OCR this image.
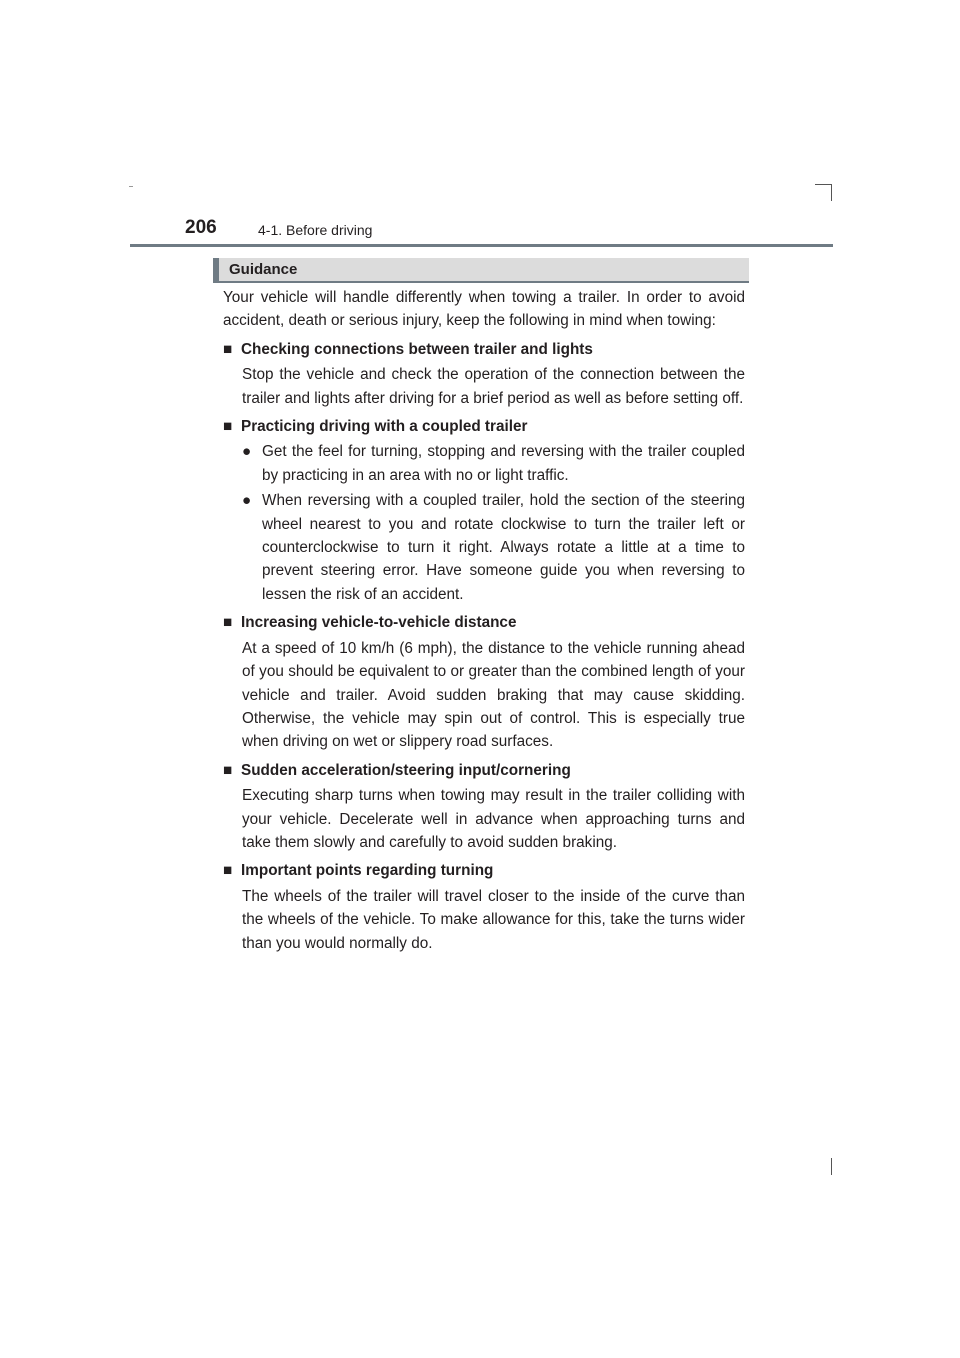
206	4-1. Before driving
Guidance

Your vehicle will handle differently when towing a trailer. In order to avoid accident, death or serious injury, keep the following in mind when towing:

■ Checking connections between trailer and lights
Stop the vehicle and check the operation of the connection between the trailer and lights after driving for a brief period as well as before setting off.
■ Practicing driving with a coupled trailer
● Get the feel for turning, stopping and reversing with the trailer coupled by practicing in an area with no or light traffic.
● When reversing with a coupled trailer, hold the section of the steering wheel nearest to you and rotate clockwise to turn the trailer left or counterclockwise to turn it right. Always rotate a little at a time to prevent steering error. Have someone guide you when reversing to lessen the risk of an accident.
■ Increasing vehicle-to-vehicle distance
At a speed of 10 km/h (6 mph), the distance to the vehicle running ahead of you should be equivalent to or greater than the combined length of your vehicle and trailer. Avoid sudden braking that may cause skidding. Otherwise, the vehicle may spin out of control. This is especially true when driving on wet or slippery road surfaces.
■ Sudden acceleration/steering input/cornering
Executing sharp turns when towing may result in the trailer colliding with your vehicle. Decelerate well in advance when approaching turns and take them slowly and carefully to avoid sudden braking.
■ Important points regarding turning
The wheels of the trailer will travel closer to the inside of the curve than the wheels of the vehicle. To make allowance for this, take the turns wider than you would normally do.
